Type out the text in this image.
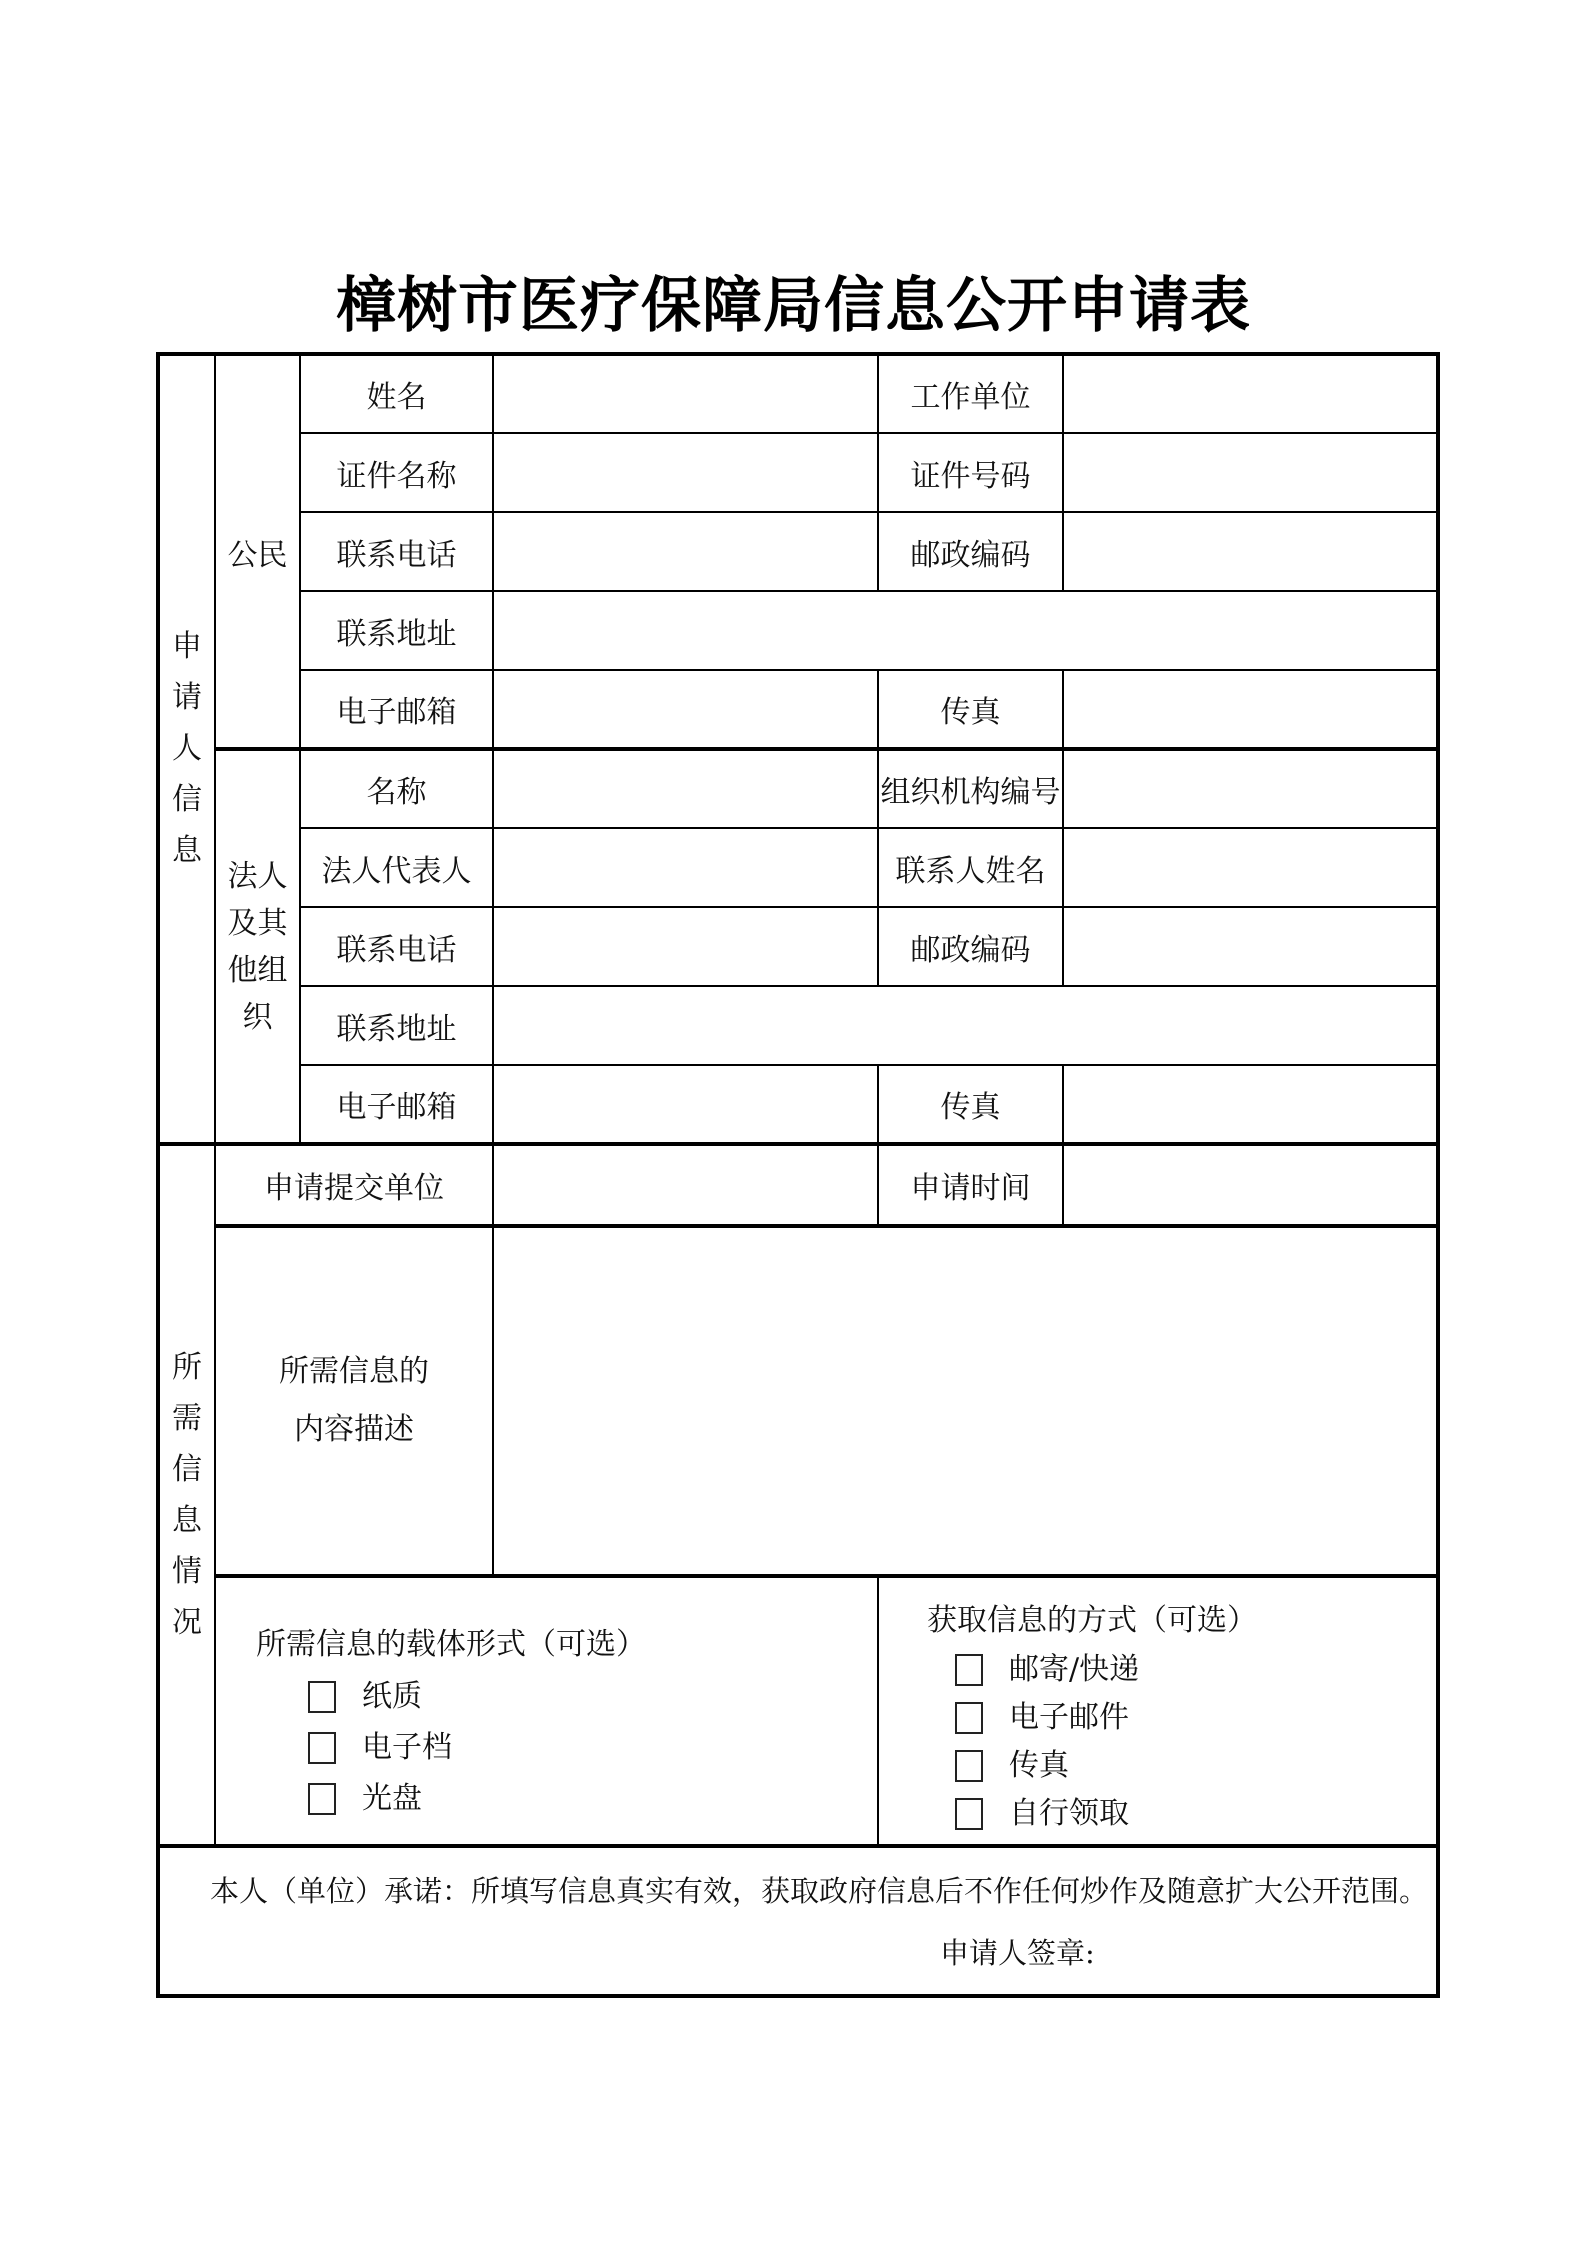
樟树市医疗保障局信息公开申请表
申
请
人
信
息	公民	姓名		工作单位	
		证件名称		证件号码	
		联系电话		邮政编码	
		联系地址			
		电子邮箱		传真	

	法人
及其
他组
织	名称		组织机构编号	
		法人代表人		联系人姓名	
		联系电话		邮政编码	
		联系地址			
		电子邮箱		传真	

所
需
信
息
情
况
	申请提交单位		申请时间	

	所需信息的
内容描述				

所需信息的载体形式（可选）
纸质
电子档
光盘

获取信息的方式（可选）
邮寄/快递
电子邮件
传真
自行领取

本人（单位）承诺：所填写信息真实有效，获取政府信息后不作任何炒作及随意扩大公开范围。
申请人签章:					
